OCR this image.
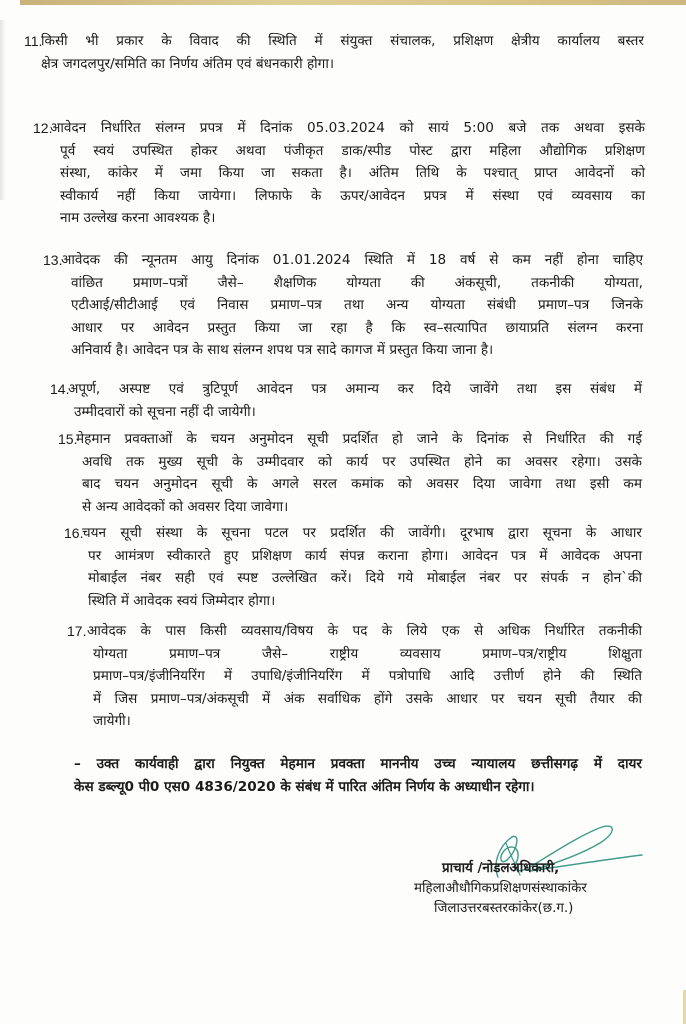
11.
किसी भी प्रकार के विवाद की स्थिति में संयुक्त संचालक, प्रशिक्षण क्षेत्रीय कार्यालय बस्तर
क्षेत्र जगदलपुर/समिति का निर्णय अंतिम एवं बंधनकारी होगा।
12.
आवेदन निर्धारित संलग्न प्रपत्र में दिनांक 05.03.2024 को सायं 5:00 बजे तक अथवा इसके
पूर्व स्वयं उपस्थित होकर अथवा पंजीकृत डाक/स्पीड पोस्ट द्वारा महिला औद्योगिक प्रशिक्षण
संस्था, कांकेर में जमा किया जा सकता है। अंतिम तिथि के पश्चात् प्राप्त आवेदनों को
स्वीकार्य नहीं किया जायेगा। लिफाफे के ऊपर/आवेदन प्रपत्र में संस्था एवं व्यवसाय का
नाम उल्लेख करना आवश्यक है।
13.
आवेदक की न्यूनतम आयु दिनांक 01.01.2024 स्थिति में 18 वर्ष से कम नहीं होना चाहिए
वांछित प्रमाण–पत्रों जैसे– शैक्षणिक योग्यता की अंकसूची, तकनीकी योग्यता,
एटीआई/सीटीआई एवं निवास प्रमाण–पत्र तथा अन्य योग्यता संबंधी प्रमाण–पत्र जिनके
आधार पर आवेदन प्रस्तुत किया जा रहा है कि स्व–सत्यापित छायाप्रति संलग्न करना
अनिवार्य है। आवेदन पत्र के साथ संलग्न शपथ पत्र सादे कागज में प्रस्तुत किया जाना है।
14.
अपूर्ण, अस्पष्ट एवं त्रुटिपूर्ण आवेदन पत्र अमान्य कर दिये जावेंगे तथा इस संबंध में
उम्मीदवारों को सूचना नहीं दी जायेगी।
15.
मेहमान प्रवक्ताओं के चयन अनुमोदन सूची प्रदर्शित हो जाने के दिनांक से निर्धारित की गई
अवधि तक मुख्य सूची के उम्मीदवार को कार्य पर उपस्थित होने का अवसर रहेगा। उसके
बाद चयन अनुमोदन सूची के अगले सरल कमांक को अवसर दिया जावेगा तथा इसी कम
से अन्य आवेदकों को अवसर दिया जावेगा।
16.
चयन सूची संस्था के सूचना पटल पर प्रदर्शित की जावेंगी। दूरभाष द्वारा सूचना के आधार
पर आमंत्रण स्वीकारते हुए प्रशिक्षण कार्य संपन्न कराना होगा। आवेदन पत्र में आवेदक अपना
मोबाईल नंबर सही एवं स्पष्ट उल्लेखित करें। दिये गये मोबाईल नंबर पर संपर्क न होन`की
स्थिति में आवेदक स्वयं जिम्मेदार होगा।
17. आवेदक के पास किसी व्यवसाय/विषय के पद के लिये एक से अधिक निर्धारित तकनीकी
योग्यता प्रमाण–पत्र जैसे– राष्ट्रीय व्यवसाय प्रमाण–पत्र/राष्ट्रीय शिक्षुता
प्रमाण–पत्र/इंजीनियरिंग में उपाधि/इंजीनियरिंग में पत्रोपाधि आदि उत्तीर्ण होने की स्थिति
में जिस प्रमाण–पत्र/अंकसूची में अंक सर्वाधिक होंगे उसके आधार पर चयन सूची तैयार की
जायेगी।
– उक्त कार्यवाही द्वारा नियुक्त मेहमान प्रवक्ता माननीय उच्च न्यायालय छत्तीसगढ़ में दायर
केस डब्ल्यू0 पी0 एस0 4836/2020 के संबंध में पारित अंतिम निर्णय के अध्याधीन रहेगा।
प्राचार्य /नोडलअधिकारी,
महिलाऔधौगिकप्रशिक्षणसंस्थाकांकेर
जिलाउत्तरबस्तरकांकेर(छ.ग.)
